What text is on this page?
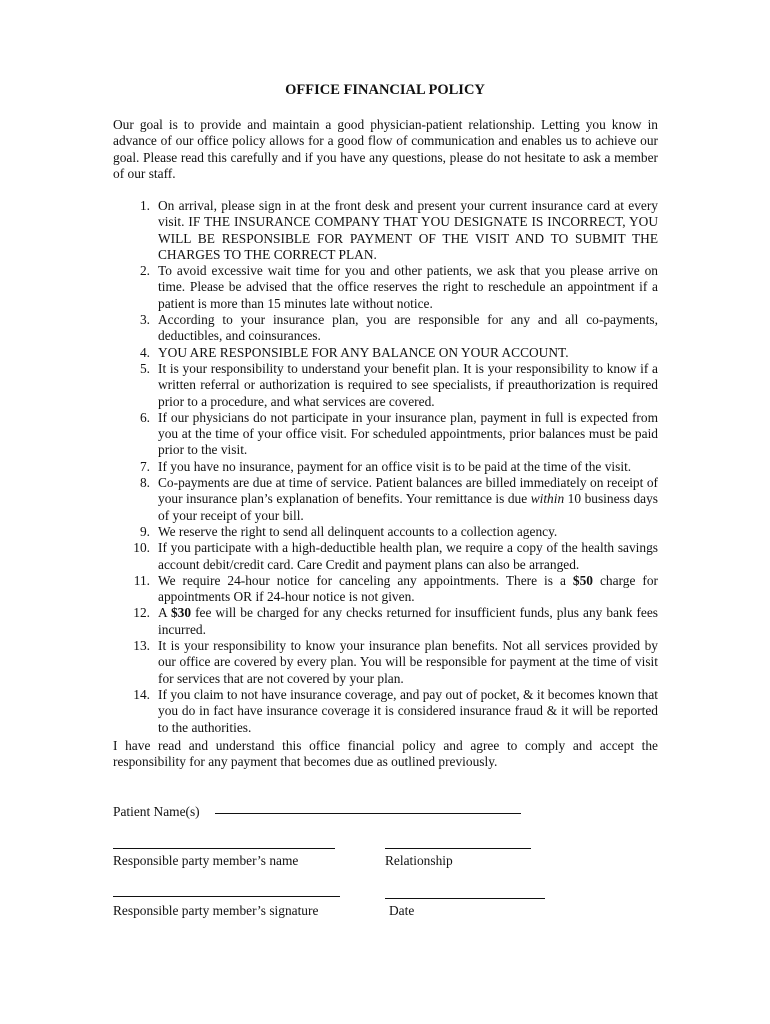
OFFICE FINANCIAL POLICY

Our goal is to provide and maintain a good physician-patient relationship. Letting you know in advance of our office policy allows for a good flow of communication and enables us to achieve our goal. Please read this carefully and if you have any questions, please do not hesitate to ask a member of our staff.

1. On arrival, please sign in at the front desk and present your current insurance card at every visit. IF THE INSURANCE COMPANY THAT YOU DESIGNATE IS INCORRECT, YOU WILL BE RESPONSIBLE FOR PAYMENT OF THE VISIT AND TO SUBMIT THE CHARGES TO THE CORRECT PLAN.
2. To avoid excessive wait time for you and other patients, we ask that you please arrive on time. Please be advised that the office reserves the right to reschedule an appointment if a patient is more than 15 minutes late without notice.
3. According to your insurance plan, you are responsible for any and all co-payments, deductibles, and coinsurances.
4. YOU ARE RESPONSIBLE FOR ANY BALANCE ON YOUR ACCOUNT.
5. It is your responsibility to understand your benefit plan. It is your responsibility to know if a written referral or authorization is required to see specialists, if preauthorization is required prior to a procedure, and what services are covered.
6. If our physicians do not participate in your insurance plan, payment in full is expected from you at the time of your office visit. For scheduled appointments, prior balances must be paid prior to the visit.
7. If you have no insurance, payment for an office visit is to be paid at the time of the visit.
8. Co-payments are due at time of service. Patient balances are billed immediately on receipt of your insurance plan’s explanation of benefits. Your remittance is due within 10 business days of your receipt of your bill.
9. We reserve the right to send all delinquent accounts to a collection agency.
10. If you participate with a high-deductible health plan, we require a copy of the health savings account debit/credit card. Care Credit and payment plans can also be arranged.
11. We require 24-hour notice for canceling any appointments. There is a $50 charge for appointments OR if 24-hour notice is not given.
12. A $30 fee will be charged for any checks returned for insufficient funds, plus any bank fees incurred.
13. It is your responsibility to know your insurance plan benefits. Not all services provided by our office are covered by every plan. You will be responsible for payment at the time of visit for services that are not covered by your plan.
14. If you claim to not have insurance coverage, and pay out of pocket, & it becomes known that you do in fact have insurance coverage it is considered insurance fraud & it will be reported to the authorities.

I have read and understand this office financial policy and agree to comply and accept the responsibility for any payment that becomes due as outlined previously.

Patient Name(s)
Responsible party member’s name	Relationship
Responsible party member’s signature	Date
